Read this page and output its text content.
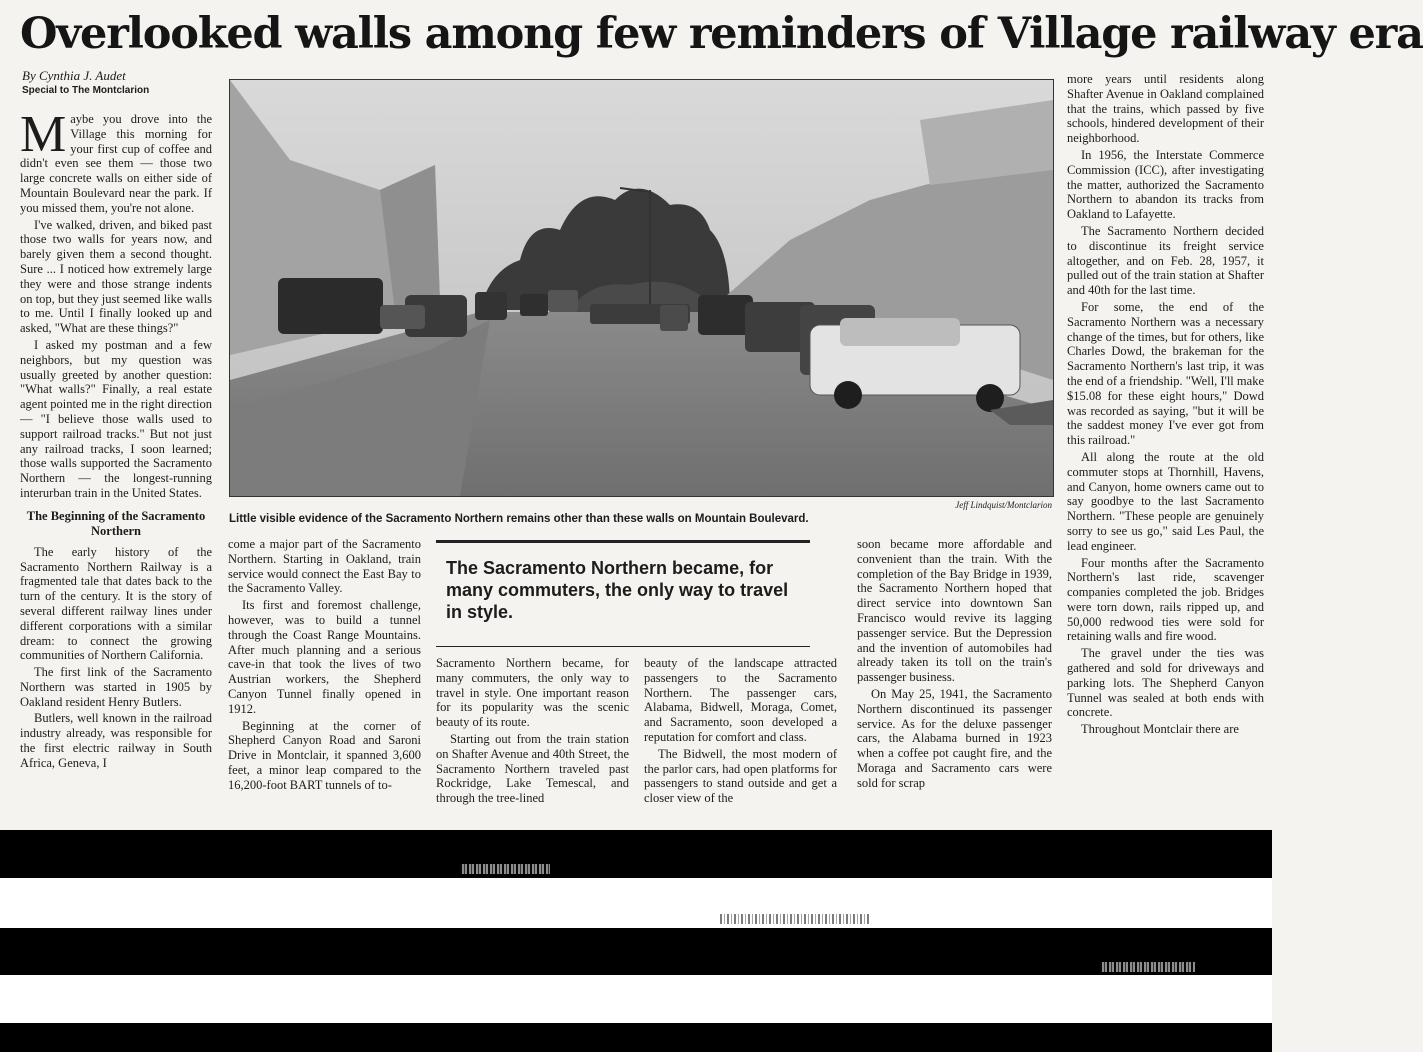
Overlooked walls among few reminders of Village railway era
By Cynthia J. Audet
Special to The Montclarion

Maybe you drove into the Village this morning for your first cup of coffee and didn't even see them — those two large concrete walls on either side of Mountain Boulevard near the park. If you missed them, you're not alone.

I've walked, driven, and biked past those two walls for years now, and barely given them a second thought. Sure ... I noticed how extremely large they were and those strange indents on top, but they just seemed like walls to me. Until I finally looked up and asked, "What are these things?"

I asked my postman and a few neighbors, but my question was usually greeted by another question: "What walls?" Finally, a real estate agent pointed me in the right direction — "I believe those walls used to support railroad tracks." But not just any railroad tracks, I soon learned; those walls supported the Sacramento Northern — the longest-running interurban train in the United States.

The Beginning of the Sacramento Northern

The early history of the Sacramento Northern Railway is a fragmented tale that dates back to the turn of the century. It is the story of several different railway lines under different corporations with a similar dream: to connect the growing communities of Northern California.

The first link of the Sacramento Northern was started in 1905 by Oakland resident Henry Butlers.

Butlers, well known in the railroad industry already, was responsible for the first electric railway in South Africa, Geneva, I

Jeff Lindquist/Montclarion
Little visible evidence of the Sacramento Northern remains other than these walls on Mountain Boulevard.

come a major part of the Sacramento Northern. Starting in Oakland, train service would connect the East Bay to the Sacramento Valley.

Its first and foremost challenge, however, was to build a tunnel through the Coast Range Mountains. After much planning and a serious cave-in that took the lives of two Austrian workers, the Shepherd Canyon Tunnel finally opened in 1912.

Beginning at the corner of Shepherd Canyon Road and Saroni Drive in Montclair, it spanned 3,600 feet, a minor leap compared to the 16,200-foot BART tunnels of to-

The Sacramento Northern became, for many commuters, the only way to travel in style.

Sacramento Northern became, for many commuters, the only way to travel in style. One important reason for its popularity was the scenic beauty of its route.

Starting out from the train station on Shafter Avenue and 40th Street, the Sacramento Northern traveled past Rockridge, Lake Temescal, and through the tree-lined

beauty of the landscape attracted passengers to the Sacramento Northern. The passenger cars, Alabama, Bidwell, Moraga, Comet, and Sacramento, soon developed a reputation for comfort and class.

The Bidwell, the most modern of the parlor cars, had open platforms for passengers to stand outside and get a closer view of the

soon became more affordable and convenient than the train. With the completion of the Bay Bridge in 1939, the Sacramento Northern hoped that direct service into downtown San Francisco would revive its lagging passenger service. But the Depression and the invention of automobiles had already taken its toll on the train's passenger business.

On May 25, 1941, the Sacramento Northern discontinued its passenger service. As for the deluxe passenger cars, the Alabama burned in 1923 when a coffee pot caught fire, and the Moraga and Sacramento cars were sold for scrap

more years until residents along Shafter Avenue in Oakland complained that the trains, which passed by five schools, hindered development of their neighborhood.

In 1956, the Interstate Commerce Commission (ICC), after investigating the matter, authorized the Sacramento Northern to abandon its tracks from Oakland to Lafayette.

The Sacramento Northern decided to discontinue its freight service altogether, and on Feb. 28, 1957, it pulled out of the train station at Shafter and 40th for the last time.

For some, the end of the Sacramento Northern was a necessary change of the times, but for others, like Charles Dowd, the brakeman for the Sacramento Northern's last trip, it was the end of a friendship. "Well, I'll make $15.08 for these eight hours," Dowd was recorded as saying, "but it will be the saddest money I've ever got from this railroad."

All along the route at the old commuter stops at Thornhill, Havens, and Canyon, home owners came out to say goodbye to the last Sacramento Northern. "These people are genuinely sorry to see us go," said Les Paul, the lead engineer.

Four months after the Sacramento Northern's last ride, scavenger companies completed the job. Bridges were torn down, rails ripped up, and 50,000 redwood ties were sold for retaining walls and fire wood.

The gravel under the ties was gathered and sold for driveways and parking lots. The Shepherd Canyon Tunnel was sealed at both ends with concrete.

Throughout Montclair there are
